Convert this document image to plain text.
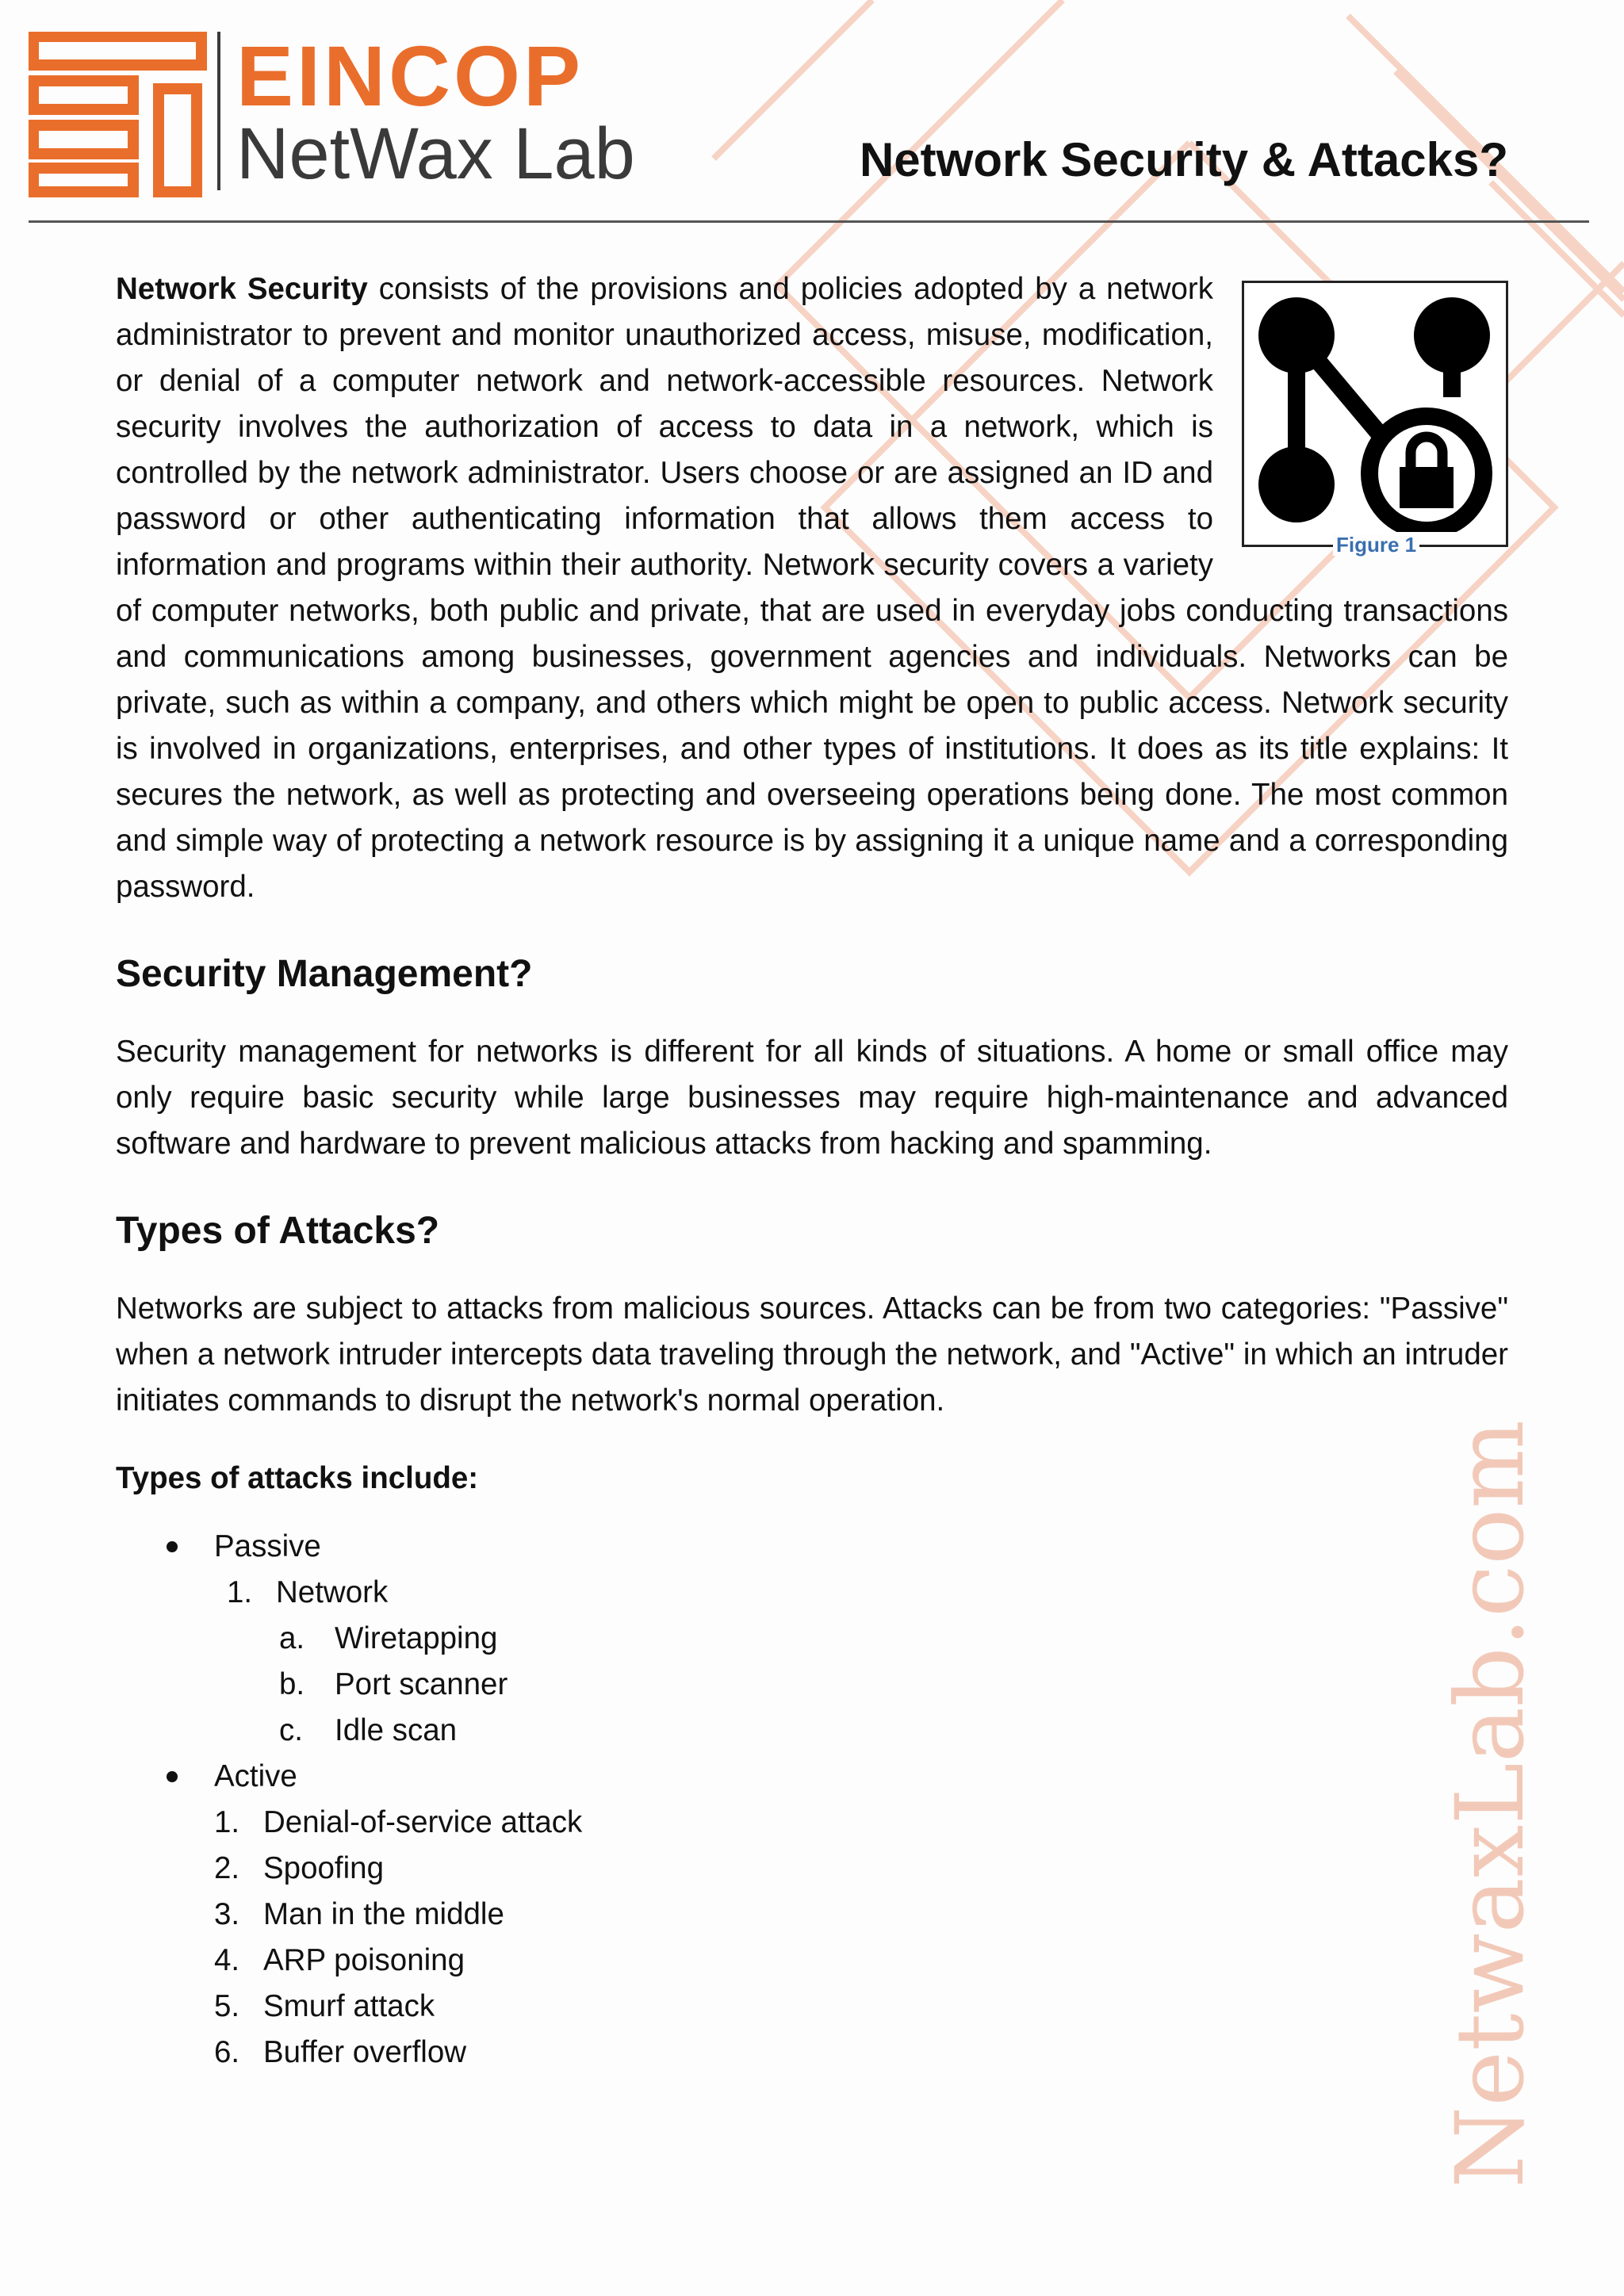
EINCOP
NetWax Lab	Network Security & Attacks?
NetwaxLab.com
Figure 1

Network Security consists of the provisions and policies adopted by a network administrator to prevent and monitor unauthorized access, misuse, modification, or denial of a computer network and network-accessible resources. Network security involves the authorization of access to data in a network, which is controlled by the network administrator. Users choose or are assigned an ID and password or other authenticating information that allows them access to information and programs within their authority. Network security covers a variety of computer networks, both public and private, that are used in everyday jobs conducting transactions and communications among businesses, government agencies and individuals. Networks can be private, such as within a company, and others which might be open to public access. Network security is involved in organizations, enterprises, and other types of institutions. It does as its title explains: It secures the network, as well as protecting and overseeing operations being done. The most common and simple way of protecting a network resource is by assigning it a unique name and a corresponding password.

Security Management?

Security management for networks is different for all kinds of situations. A home or small office may only require basic security while large businesses may require high-maintenance and advanced software and hardware to prevent malicious attacks from hacking and spamming.

Types of Attacks?

Networks are subject to attacks from malicious sources. Attacks can be from two categories: "Passive" when a network intruder intercepts data traveling through the network, and "Active" in which an intruder initiates commands to disrupt the network's normal operation.

Types of attacks include:
Passive
1. Network
a. Wiretapping
b. Port scanner
c. Idle scan
Active
1. Denial-of-service attack
2. Spoofing
3. Man in the middle
4. ARP poisoning
5. Smurf attack
6. Buffer overflow
